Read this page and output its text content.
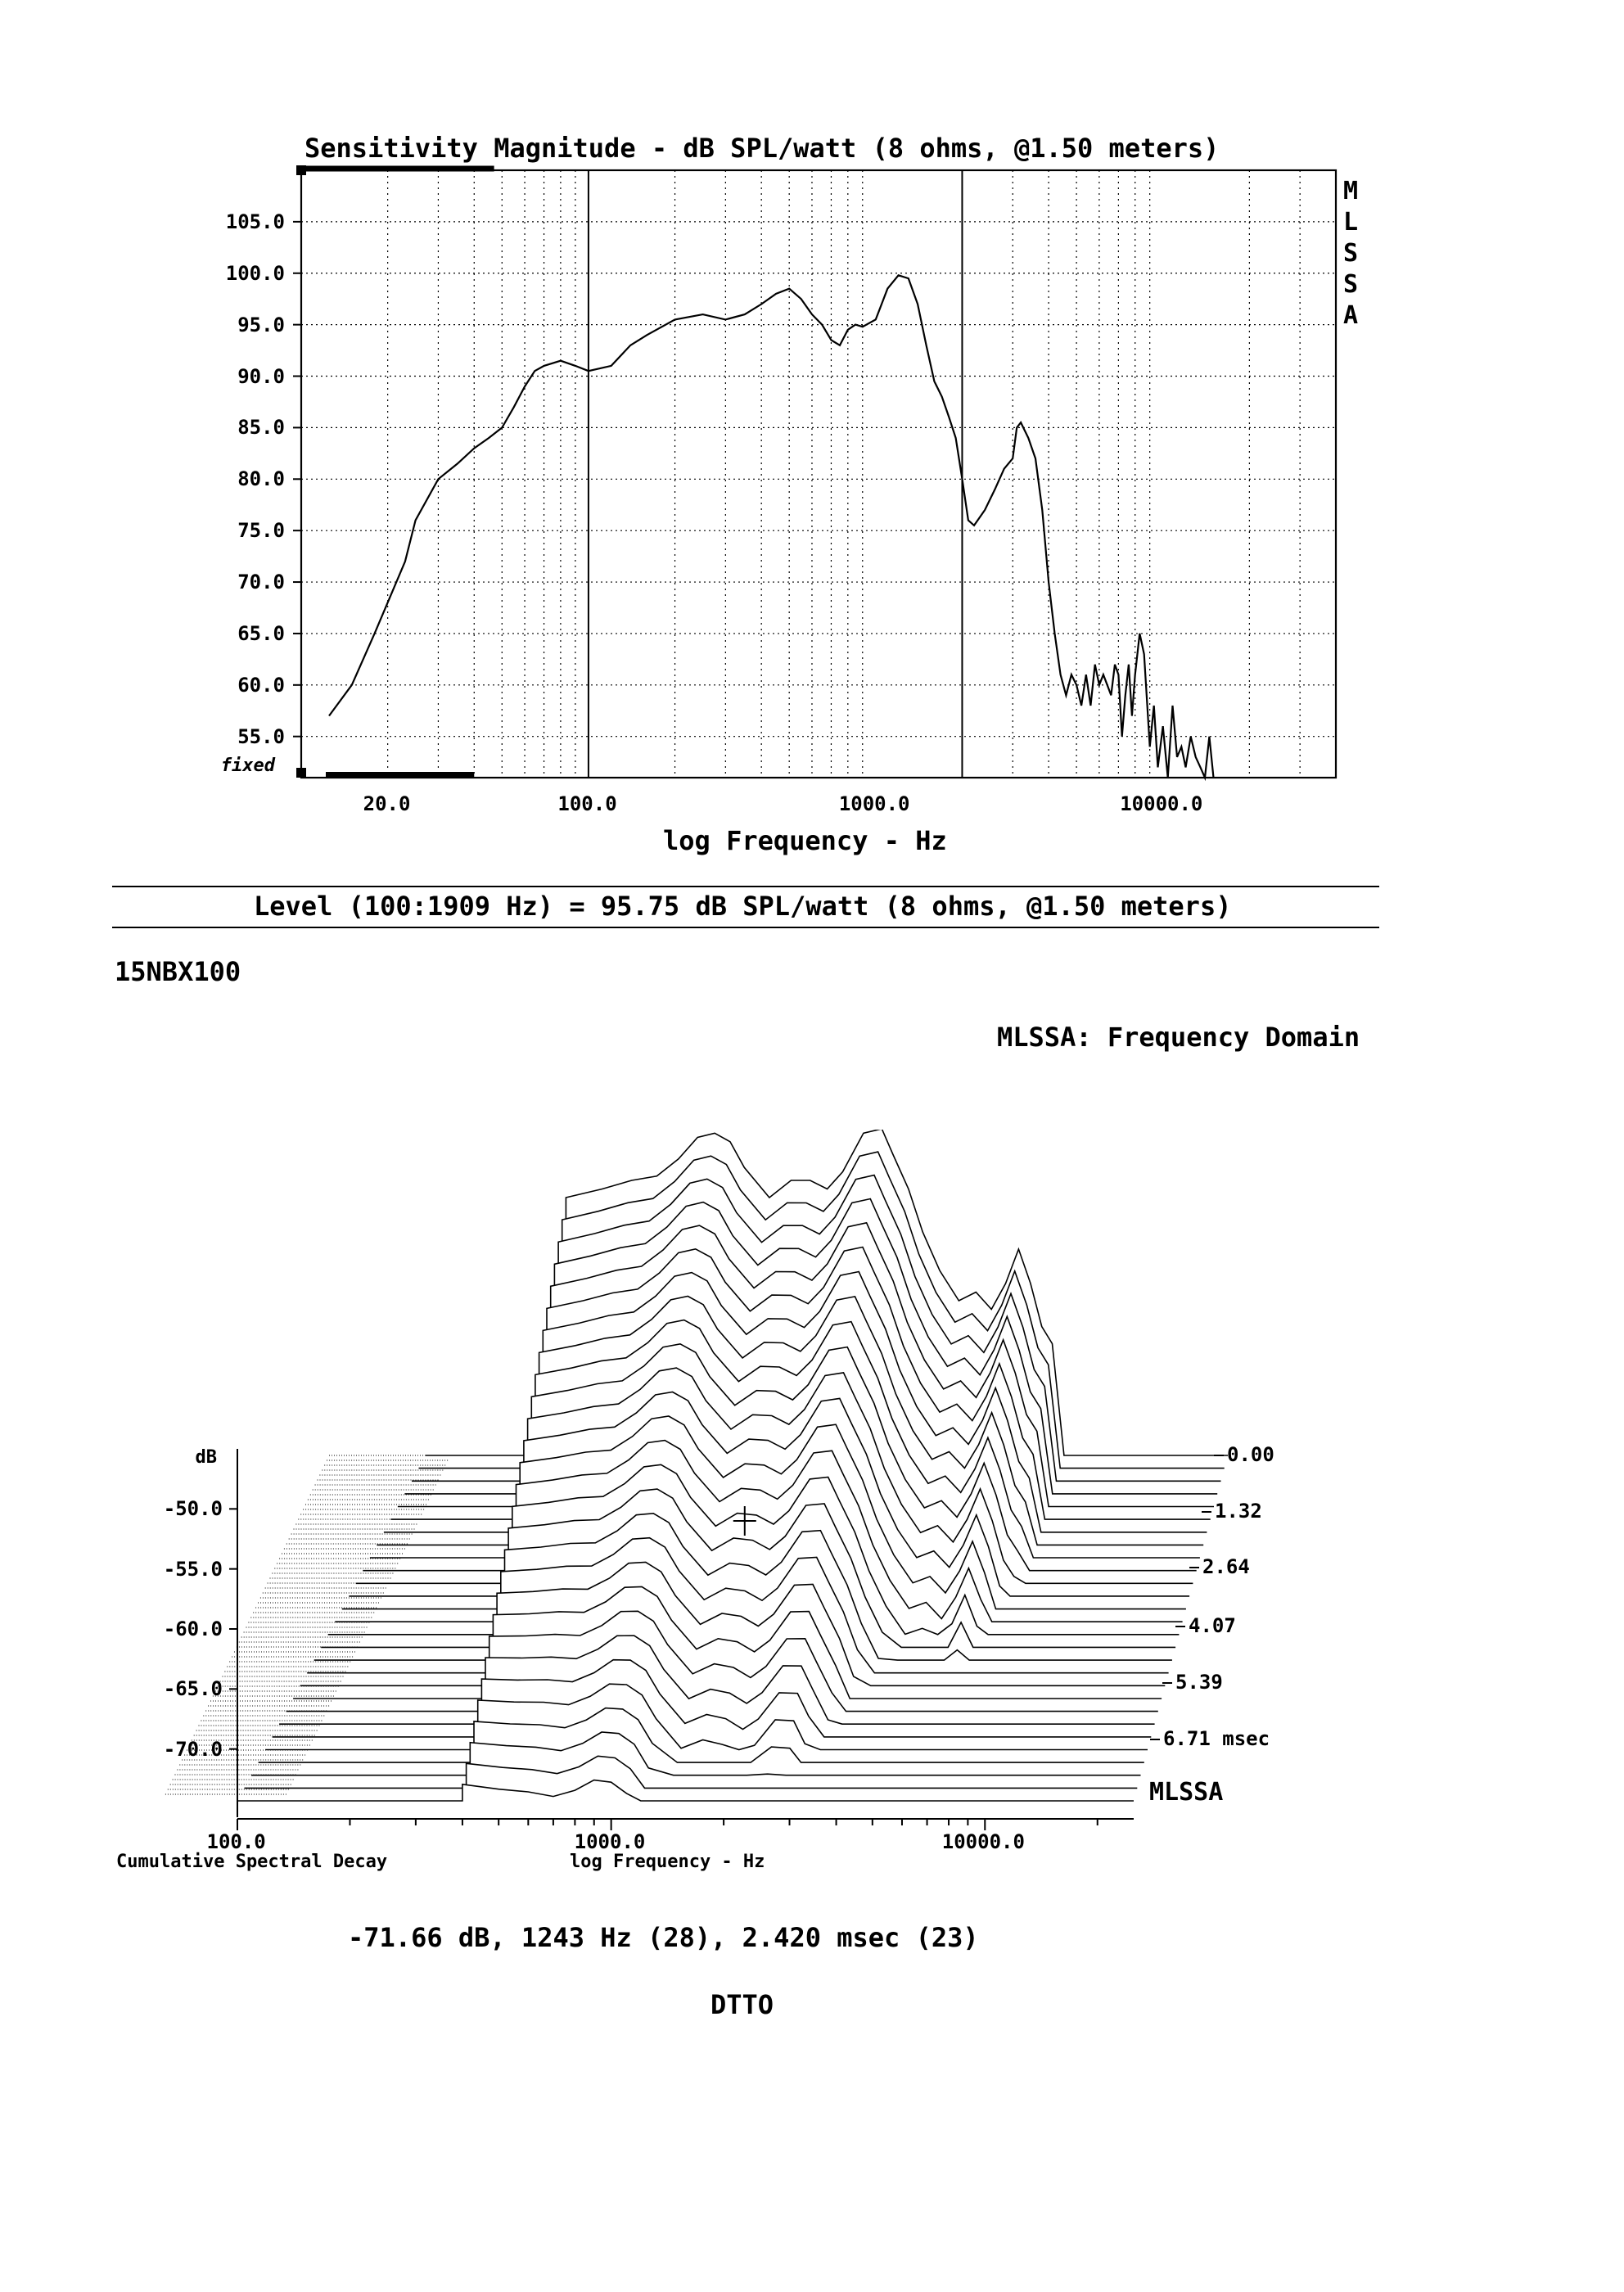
Sensitivity Magnitude - dB SPL/watt (8 ohms, @1.50 meters)
M
L
S
S
A
105.0
100.0
95.0
90.0
85.0
80.0
75.0
70.0
65.0
60.0
55.0
20.0	100.0	1000.0	10000.0
fixed
log Frequency - Hz
Level (100:1909 Hz) = 95.75 dB SPL/watt (8 ohms, @1.50 meters)
15NBX100
MLSSA: Frequency Domain
-50.0
-55.0
-60.0
-65.0
-70.0
0.00
1.32
2.64
4.07
5.39
6.71 msec
100.0	1000.0	10000.0
dB
MLSSA
Cumulative Spectral Decay	log Frequency - Hz
-71.66 dB, 1243 Hz (28), 2.420 msec (23)
DTTO
